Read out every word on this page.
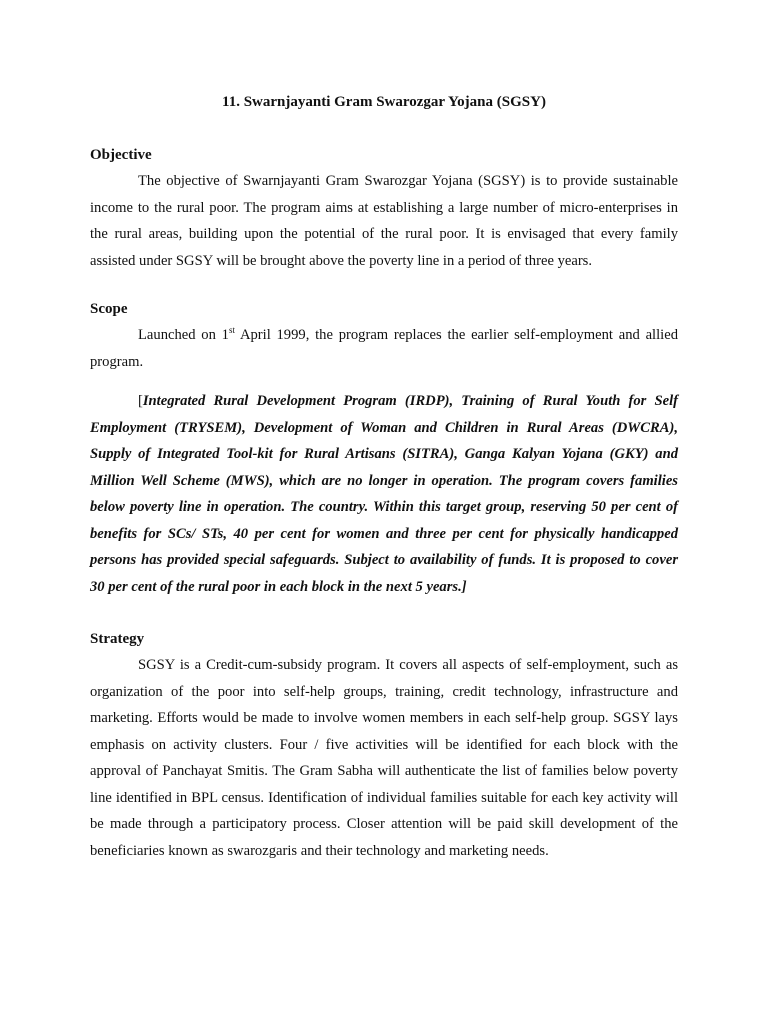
11. Swarnjayanti Gram Swarozgar Yojana (SGSY)
Objective

The objective of Swarnjayanti Gram Swarozgar Yojana (SGSY) is to provide sustainable income to the rural poor. The program aims at establishing a large number of micro-enterprises in the rural areas, building upon the potential of the rural poor. It is envisaged that every family assisted under SGSY will be brought above the poverty line in a period of three years.

Scope

Launched on 1st April 1999, the program replaces the earlier self-employment and allied program.

[Integrated Rural Development Program (IRDP), Training of Rural Youth for Self Employment (TRYSEM), Development of Woman and Children in Rural Areas (DWCRA), Supply of Integrated Tool-kit for Rural Artisans (SITRA), Ganga Kalyan Yojana (GKY) and Million Well Scheme (MWS), which are no longer in operation. The program covers families below poverty line in operation. The country. Within this target group, reserving 50 per cent of benefits for SCs/ STs, 40 per cent for women and three per cent for physically handicapped persons has provided special safeguards. Subject to availability of funds. It is proposed to cover 30 per cent of the rural poor in each block in the next 5 years.]

Strategy

SGSY is a Credit-cum-subsidy program. It covers all aspects of self-employment, such as organization of the poor into self-help groups, training, credit technology, infrastructure and marketing. Efforts would be made to involve women members in each self-help group. SGSY lays emphasis on activity clusters. Four / five activities will be identified for each block with the approval of Panchayat Smitis. The Gram Sabha will authenticate the list of families below poverty line identified in BPL census. Identification of individual families suitable for each key activity will be made through a participatory process. Closer attention will be paid skill development of the beneficiaries known as swarozgaris and their technology and marketing needs.
